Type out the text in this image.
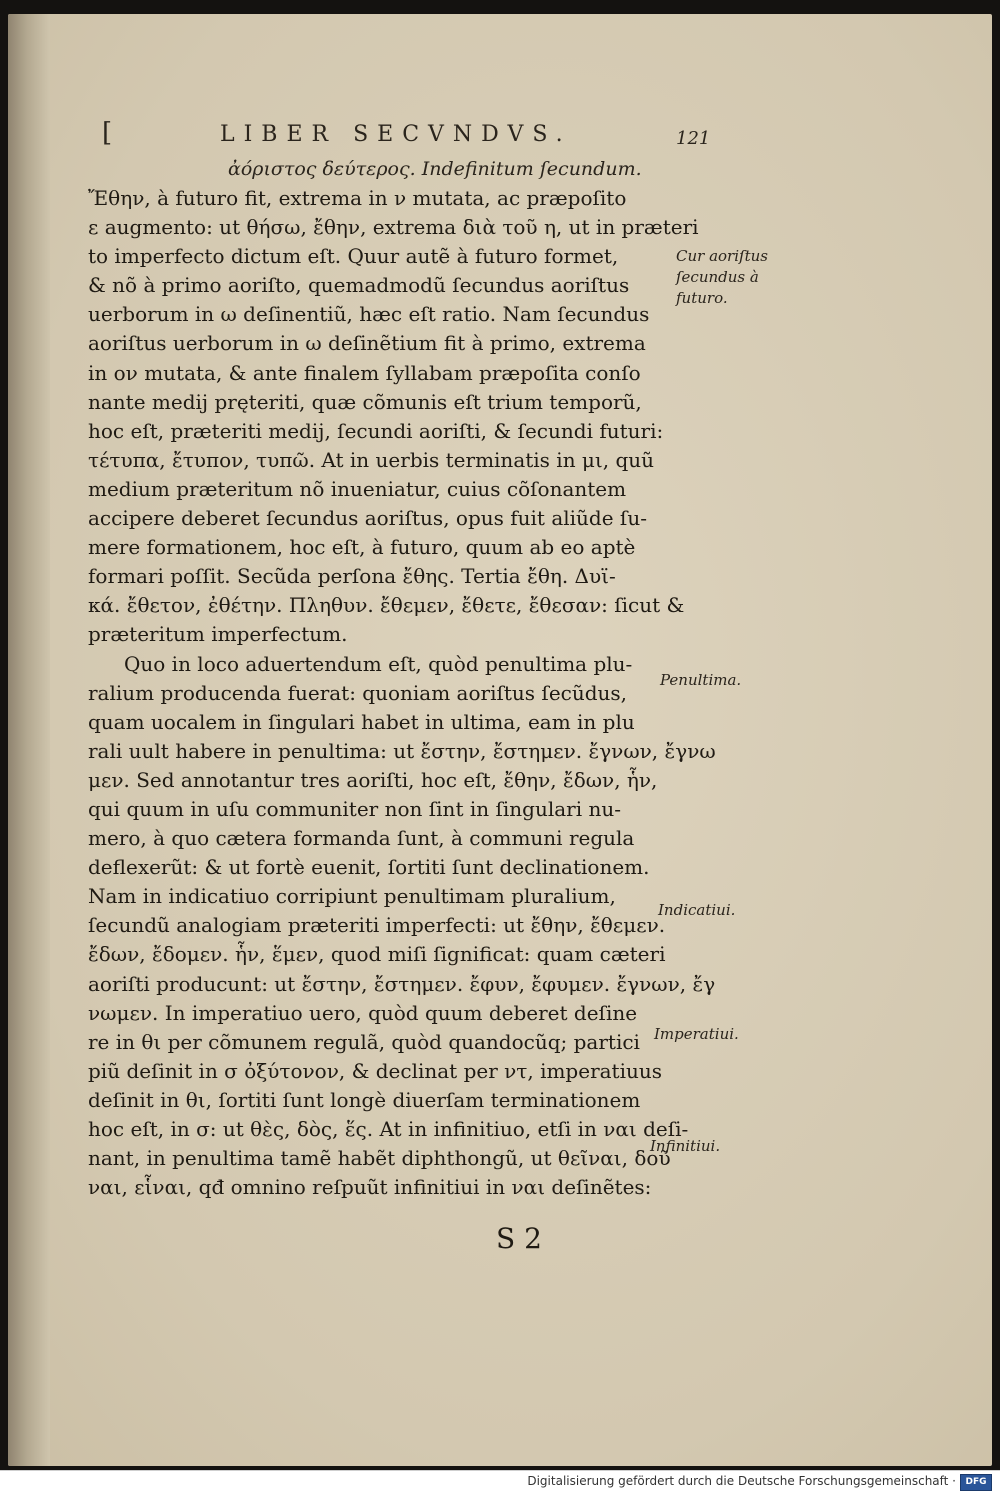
[	LIBER SECVNDVS.	121
ἀόριστος δεύτερος. Indefinitum ſecundum.
Ἔθην, à futuro fit, extrema in ν mutata, ac præpoſito
ε augmento: ut θήσω, ἔθην, extrema διὰ τοῦ η, ut in præteri
to imperfecto dictum eſt. Quur autẽ à futuro formet,
& nõ à primo aoriſto, quemadmodũ ſecundus aoriſtus
uerborum in ω deſinentiũ, hæc eſt ratio. Nam ſecundus
aoriſtus uerborum in ω deſinẽtium fit à primo, extrema
in ον mutata, & ante finalem ſyllabam præpoſita conſo
nante medij pręteriti, quæ cõmunis eſt trium temporũ,
hoc eſt, præteriti medij, ſecundi aoriſti, & ſecundi futuri:
τέτυπα, ἔτυπον, τυπῶ. At in uerbis terminatis in μι, quũ
medium præteritum nõ inueniatur, cuius cõſonantem
accipere deberet ſecundus aoriſtus, opus fuit aliũde ſu-
mere formationem, hoc eſt, à futuro, quum ab eo aptè
formari poſſit. Secũda perſona ἔθης. Tertia ἔθη. Δυϊ-
κά. ἔθετον, ἐθέτην. Πληθυν. ἔθεμεν, ἔθετε, ἔθεσαν: ſicut &
præteritum imperfectum.
Quo in loco aduertendum eſt, quòd penultima plu-
ralium producenda fuerat: quoniam aoriſtus ſecũdus,
quam uocalem in ſingulari habet in ultima, eam in plu
rali uult habere in penultima: ut ἔστην, ἔστημεν. ἔγνων, ἔγνω
μεν. Sed annotantur tres aoriſti, hoc eſt, ἔθην, ἔδων, ἧν,
qui quum in uſu communiter non ſint in ſingulari nu-
mero, à quo cætera formanda ſunt, à communi regula
deflexerũt: & ut fortè euenit, ſortiti ſunt declinationem.
Nam in indicatiuo corripiunt penultimam pluralium,
ſecundũ analogiam præteriti imperfecti: ut ἔθην, ἔθεμεν.
ἔδων, ἔδομεν. ἧν, ἕμεν, quod miſi ſignificat: quam cæteri
aoriſti producunt: ut ἔστην, ἔστημεν. ἔφυν, ἔφυμεν. ἔγνων, ἔγ
νωμεν. In imperatiuo uero, quòd quum deberet deſine
re in θι per cõmunem regulã, quòd quandocũq; partici
piũ deſinit in σ ὀξύτονον, & declinat per ντ, imperatiuus
deſinit in θι, ſortiti ſunt longè diuerſam terminationem
hoc eſt, in σ: ut θὲς, δὸς, ἕς. At in infinitiuo, etſi in ναι deſi-
nant, in penultima tamẽ habẽt diphthongũ, ut θεῖναι, δοῦ
ναι, εἷναι, qđ omnino reſpuũt infinitiui in ναι deſinẽtes:
Cur aoriſtus
ſecundus à
futuro.
Penultima.
Indicatiui.
Imperatiui.
Infinitiui.
S 2
Digitalisierung gefördert durch die Deutsche Forschungsgemeinschaft ·	DFG
